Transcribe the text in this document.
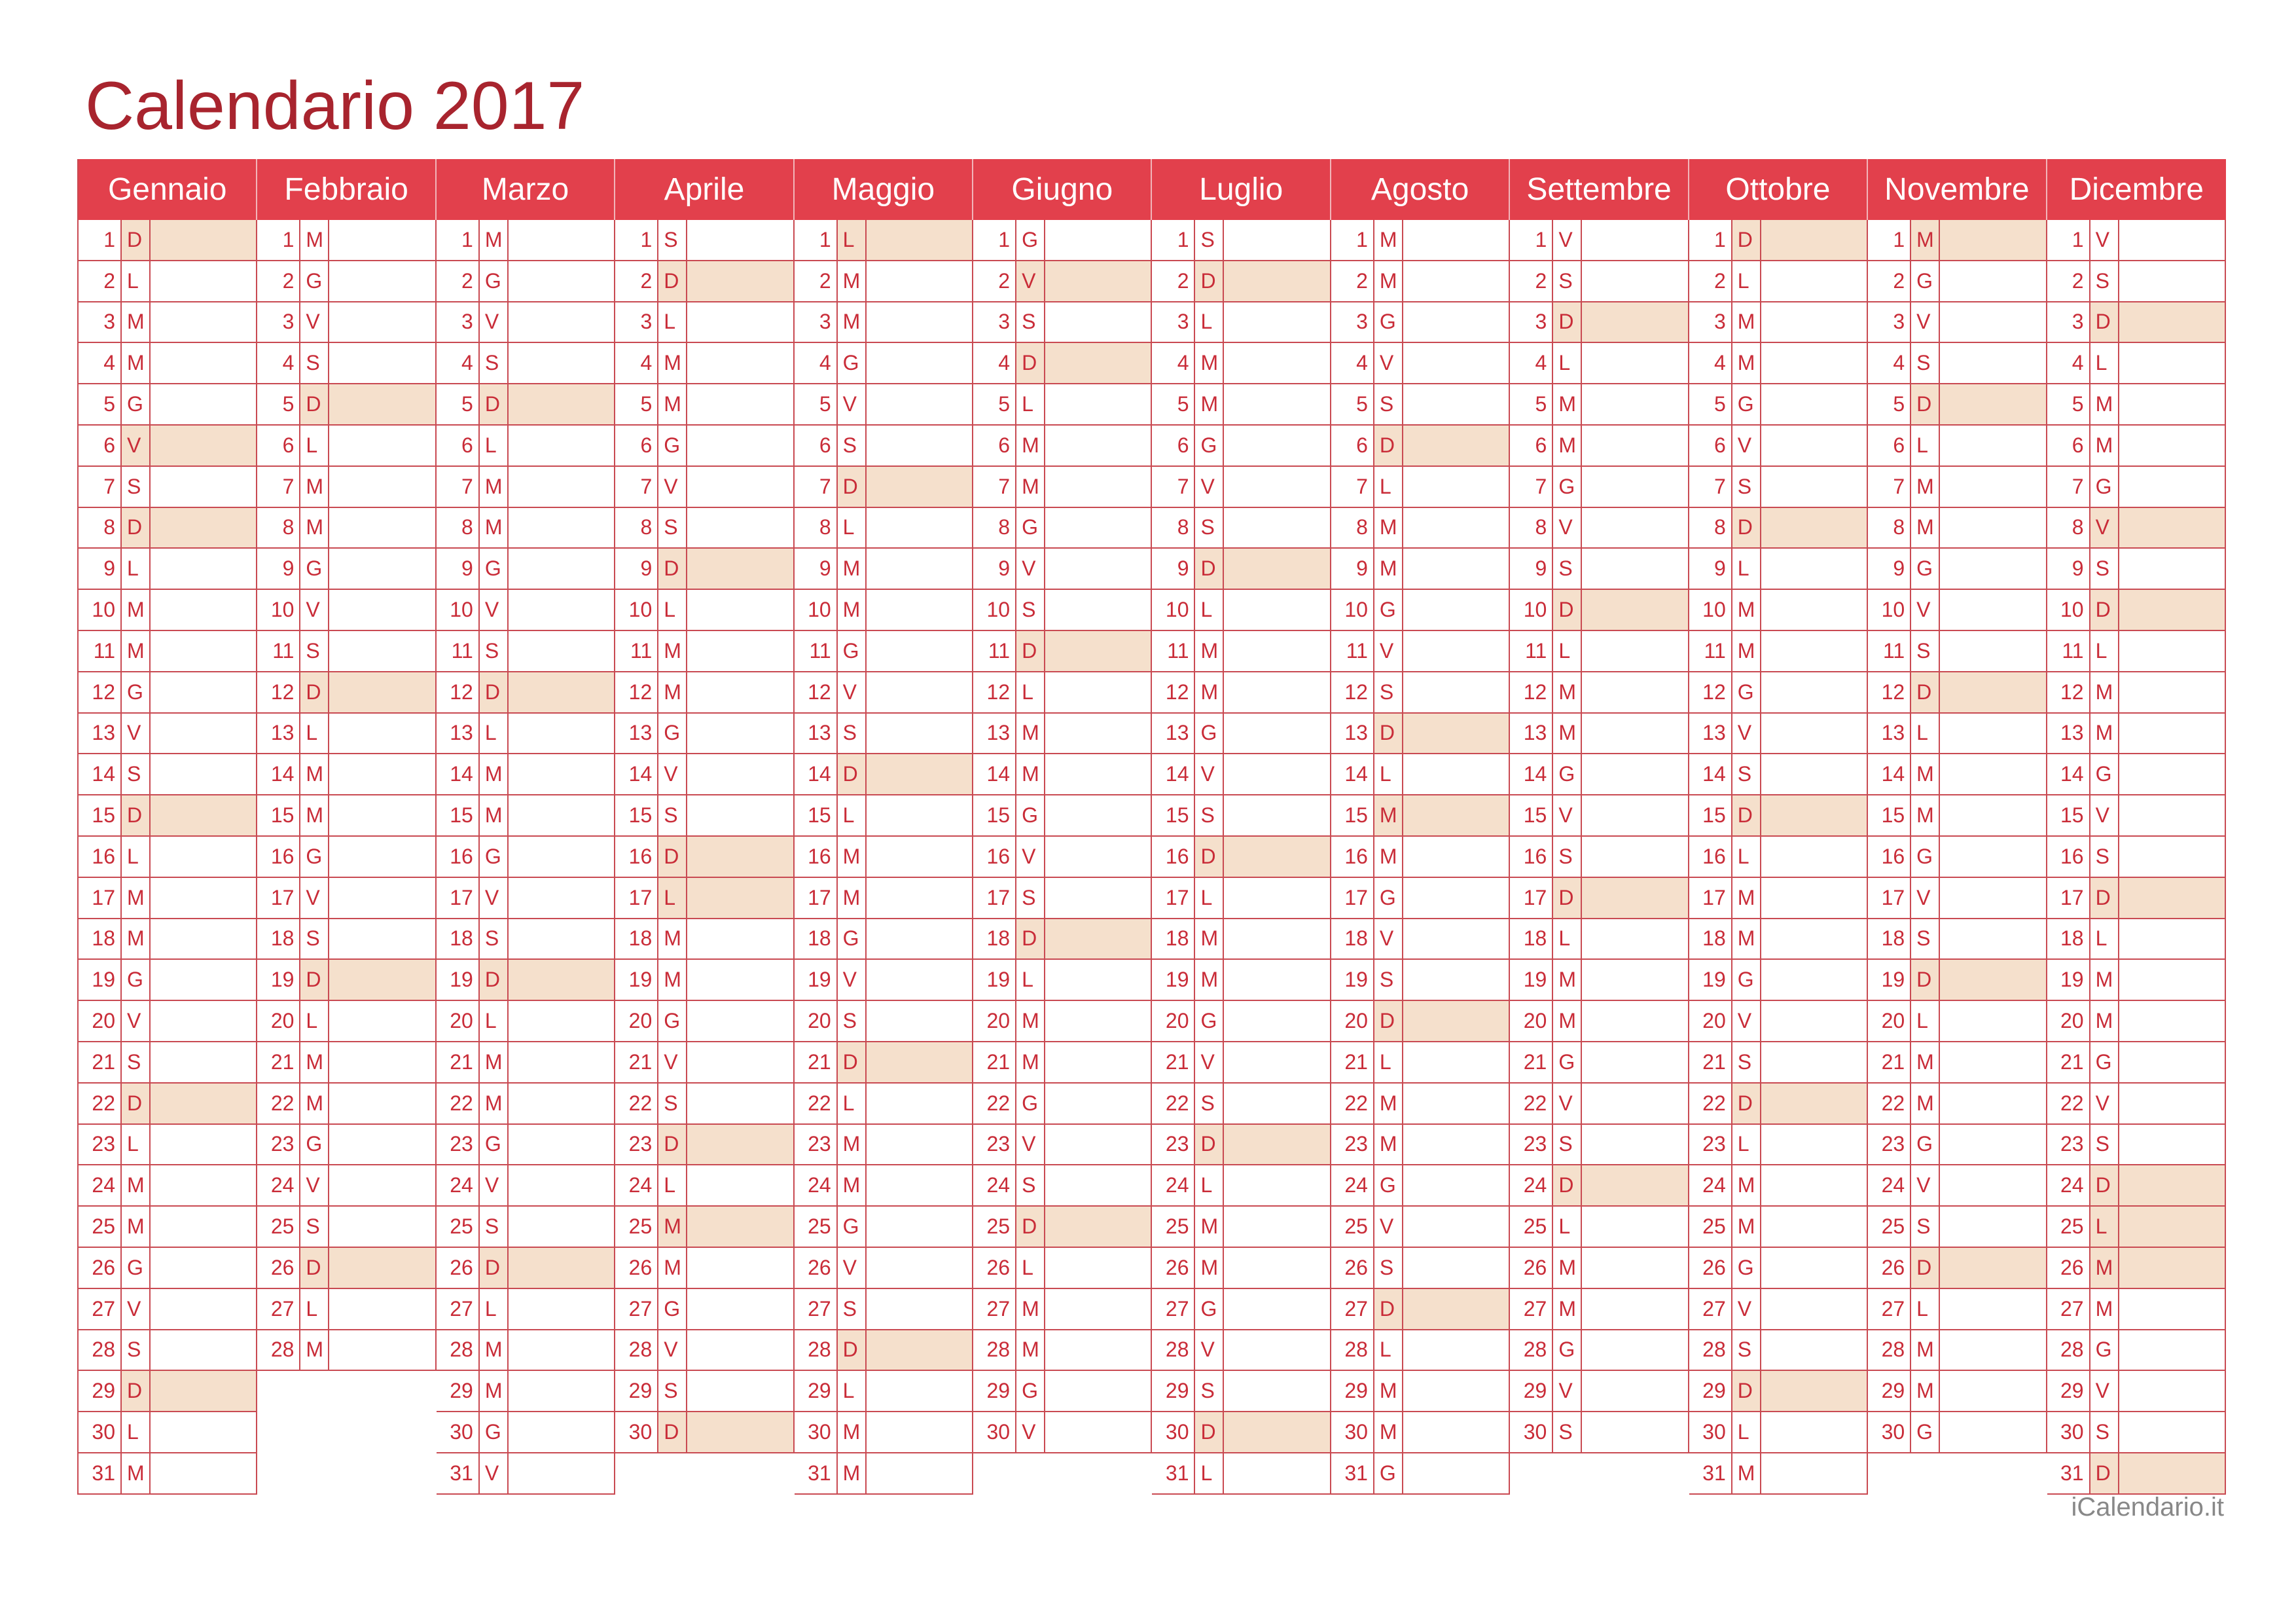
Calendario 2017
Gennaio
1 D
2 L
3 M
4 M
5 G
6 V
7 S
8 D
9 L
10 M
11 M
12 G
13 V
14 S
15 D
16 L
17 M
18 M
19 G
20 V
21 S
22 D
23 L
24 M
25 M
26 G
27 V
28 S
29 D
30 L
31 M
Febbraio
1 M
2 G
3 V
4 S
5 D
6 L
7 M
8 M
9 G
10 V
11 S
12 D
13 L
14 M
15 M
16 G
17 V
18 S
19 D
20 L
21 M
22 M
23 G
24 V
25 S
26 D
27 L
28 M
Marzo
1 M
2 G
3 V
4 S
5 D
6 L
7 M
8 M
9 G
10 V
11 S
12 D
13 L
14 M
15 M
16 G
17 V
18 S
19 D
20 L
21 M
22 M
23 G
24 V
25 S
26 D
27 L
28 M
29 M
30 G
31 V
Aprile
1 S
2 D
3 L
4 M
5 M
6 G
7 V
8 S
9 D
10 L
11 M
12 M
13 G
14 V
15 S
16 D
17 L
18 M
19 M
20 G
21 V
22 S
23 D
24 L
25 M
26 M
27 G
28 V
29 S
30 D
Maggio
1 L
2 M
3 M
4 G
5 V
6 S
7 D
8 L
9 M
10 M
11 G
12 V
13 S
14 D
15 L
16 M
17 M
18 G
19 V
20 S
21 D
22 L
23 M
24 M
25 G
26 V
27 S
28 D
29 L
30 M
31 M
Giugno
1 G
2 V
3 S
4 D
5 L
6 M
7 M
8 G
9 V
10 S
11 D
12 L
13 M
14 M
15 G
16 V
17 S
18 D
19 L
20 M
21 M
22 G
23 V
24 S
25 D
26 L
27 M
28 M
29 G
30 V
Luglio
1 S
2 D
3 L
4 M
5 M
6 G
7 V
8 S
9 D
10 L
11 M
12 M
13 G
14 V
15 S
16 D
17 L
18 M
19 M
20 G
21 V
22 S
23 D
24 L
25 M
26 M
27 G
28 V
29 S
30 D
31 L
Agosto
1 M
2 M
3 G
4 V
5 S
6 D
7 L
8 M
9 M
10 G
11 V
12 S
13 D
14 L
15 M
16 M
17 G
18 V
19 S
20 D
21 L
22 M
23 M
24 G
25 V
26 S
27 D
28 L
29 M
30 M
31 G
Settembre
1 V
2 S
3 D
4 L
5 M
6 M
7 G
8 V
9 S
10 D
11 L
12 M
13 M
14 G
15 V
16 S
17 D
18 L
19 M
20 M
21 G
22 V
23 S
24 D
25 L
26 M
27 M
28 G
29 V
30 S
Ottobre
1 D
2 L
3 M
4 M
5 G
6 V
7 S
8 D
9 L
10 M
11 M
12 G
13 V
14 S
15 D
16 L
17 M
18 M
19 G
20 V
21 S
22 D
23 L
24 M
25 M
26 G
27 V
28 S
29 D
30 L
31 M
Novembre
1 M
2 G
3 V
4 S
5 D
6 L
7 M
8 M
9 G
10 V
11 S
12 D
13 L
14 M
15 M
16 G
17 V
18 S
19 D
20 L
21 M
22 M
23 G
24 V
25 S
26 D
27 L
28 M
29 M
30 G
Dicembre
1 V
2 S
3 D
4 L
5 M
6 M
7 G
8 V
9 S
10 D
11 L
12 M
13 M
14 G
15 V
16 S
17 D
18 L
19 M
20 M
21 G
22 V
23 S
24 D
25 L
26 M
27 M
28 G
29 V
30 S
31 D
iCalendario.it
